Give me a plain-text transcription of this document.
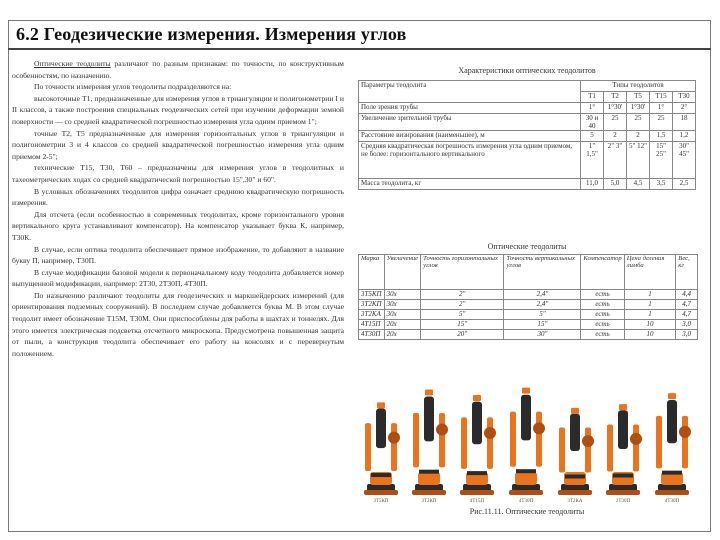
6.2 Геодезические измерения. Измерения углов

Оптические теодолиты различают по разным признакам: по точности, по конструктивным особенностям, по назначению.

По точности измерения углов теодолиты подразделяются на:

высокоточные Т1, предназначенные для измерения углов в триангуляции и полигонометрии I и II классов, а также построения специальных геодезических сетей при изучении деформации земной поверхности — со средней квадратической погрешностью измерения угла одним приемом 1";

точные Т2, Т5 предназначенные для измерения горизонтальных углов в триангуляции и полигонометрии 3 и 4 классов со средней квадратической погрешностью измерения угла одним приемом 2-5";

технические Т15, Т30, Т60 – предназначены для измерения углов в теодолитных и тахеометрических ходах со средней квадратической погрешностью 15",30" и 60".

В условных обозначениях теодолитов цифра означает среднюю квадратическую погрешность измерения.

Для отсчета (если особенностью в современных теодолитах, кроме горизонтального уровня вертикального круга устанавливают компенсатор). На компенсатор указывает буква К, например, Т30К.

В случае, если оптика теодолита обеспечивает прямое изображение, то добавляют в название букву П, например, Т30П.

В случае модификации базовой модели к первоначальному коду теодолита добавляется номер выпущенной модификации, например: 2Т30, 2Т30П, 4Т30П.

По назначению различают теодолиты для геодезических и маркшейдерских измерений (для ориентирования подземных сооружений). В последнем случае добавляется буква М. В этом случае теодолит имеет обозначение Т15М, Т30М. Они приспособлены для работы в шахтах и тоннелях. Для этого имеется электрическая подсветка отсчетного микроскопа. Предусмотрена повышенная защита от пыли, а конструкция теодолита обеспечивает его работу на консолях и с перевернутым положением.

Характеристики оптических теодолитов
Параметры теодолита	Типы теодолитов				
	Т1	Т2	Т5	Т15	Т30
Поле зрения трубы	1°	1°30'	1°30'	1°	2°
Увеличение зрительной трубы	30 и 40	25	25	25	18
Расстояние визирования (наименьшее), м	5	2	2	1,5	1,2
Средняя квадратическая погрешность измерения угла одним приемом, не более: горизонтального вертикального	1" 1,5"	2" 3"	5" 12"	15" 25"	30" 45"
Масса теодолита, кг	11,0	5,0	4,5	3,5	2,5
Оптические теодолиты
Марка	Увеличение	Точность горизонтальных углов	Точность вертикальных углов	Компенсатор	Цена деления лимба	Вес, кг
3Т5КП	30х	2"	2,4"	есть	1	4,4
3Т2КП	30х	2"	2,4"	есть	1	4,7
3Т2КА	30х	5"	5"	есть	1	4,7
4Т15П	20х	15"	15"	есть	10	3,0
4Т30П	20х	20"	30"	есть	10	3,0
3Т5КП	3Т2КП	4Т15П	4Т30П	3Т2КА	2Т30П	4Т30П
Рис.11.11. Оптические теодолиты
